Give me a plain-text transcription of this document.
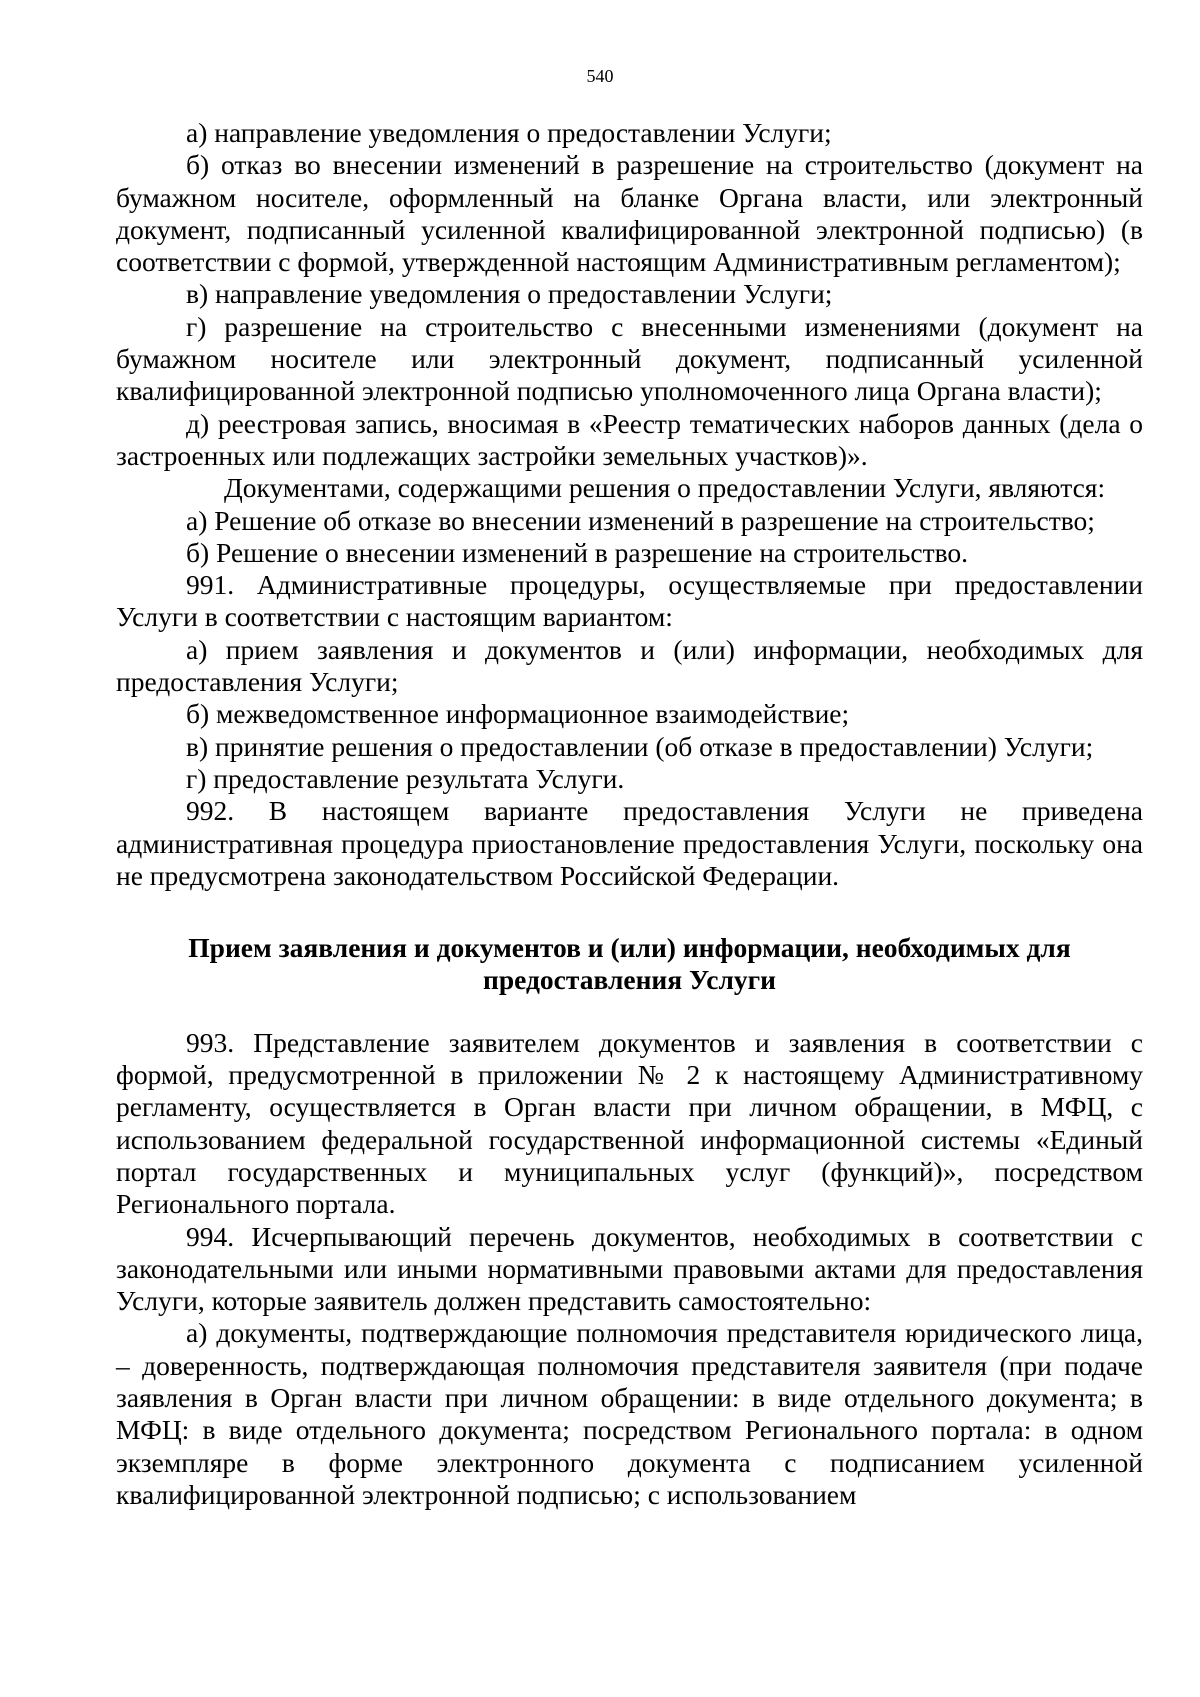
540

а) направление уведомления о предоставлении Услуги;

б) отказ во внесении изменений в разрешение на строительство (документ на бумажном носителе, оформленный на бланке Органа власти, или электронный документ, подписанный усиленной квалифицированной электронной подписью) (в соответствии с формой, утвержденной настоящим Административным регламентом);

в) направление уведомления о предоставлении Услуги;

г) разрешение на строительство с внесенными изменениями (документ на бумажном носителе или электронный документ, подписанный усиленной квалифицированной электронной подписью уполномоченного лица Органа власти);

д) реестровая запись, вносимая в «Реестр тематических наборов данных (дела о застроенных или подлежащих застройки земельных участков)».

Документами, содержащими решения о предоставлении Услуги, являются:

а) Решение об отказе во внесении изменений в разрешение на строительство;

б) Решение о внесении изменений в разрешение на строительство.

991. Административные процедуры, осуществляемые при предоставлении Услуги в соответствии с настоящим вариантом:

а) прием заявления и документов и (или) информации, необходимых для предоставления Услуги;

б) межведомственное информационное взаимодействие;

в) принятие решения о предоставлении (об отказе в предоставлении) Услуги;

г) предоставление результата Услуги.

992. В настоящем варианте предоставления Услуги не приведена административная процедура приостановление предоставления Услуги, поскольку она не предусмотрена законодательством Российской Федерации.

Прием заявления и документов и (или) информации, необходимых для
предоставления Услуги

993. Представление заявителем документов и заявления в соответствии с формой, предусмотренной в приложении № 2 к настоящему Административному регламенту, осуществляется в Орган власти при личном обращении, в МФЦ, с использованием федеральной государственной информационной системы «Единый портал государственных и муниципальных услуг (функций)», посредством Регионального портала.

994. Исчерпывающий перечень документов, необходимых в соответствии с законодательными или иными нормативными правовыми актами для предоставления Услуги, которые заявитель должен представить самостоятельно:

а) документы, подтверждающие полномочия представителя юридического лица, – доверенность, подтверждающая полномочия представителя заявителя (при подаче заявления в Орган власти при личном обращении: в виде отдельного документа; в МФЦ: в виде отдельного документа; посредством Регионального портала: в одном экземпляре в форме электронного документа с подписанием усиленной квалифицированной электронной подписью; с использованием
